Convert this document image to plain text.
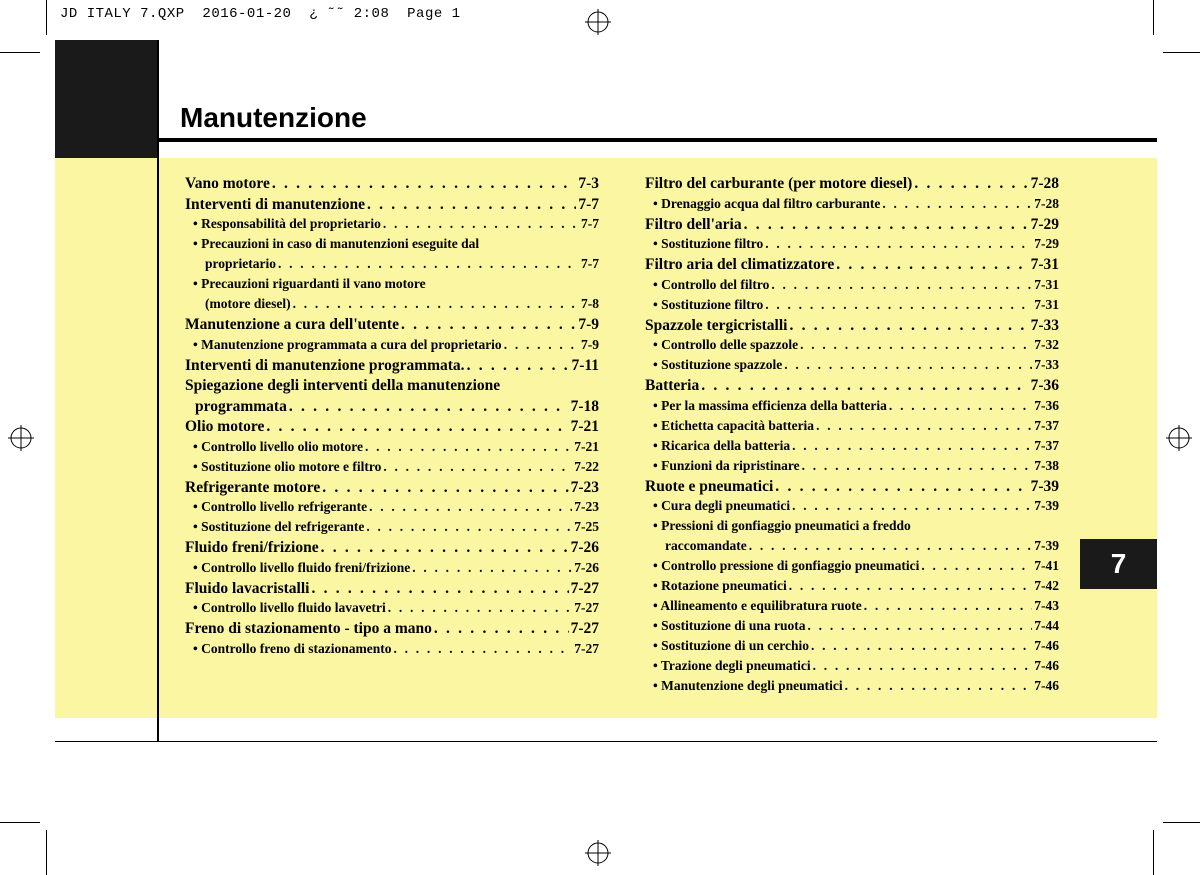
JD ITALY 7.QXP  2016-01-20  ¿ ˜˜ 2:08  Page 1
Manutenzione
7
Vano motore . . .	7-3
Interventi di manutenzione . . .	7-7
• Responsabilità del proprietario . . .	7-7
• Precauzioni in caso di manutenzioni eseguite dal
proprietario . . .	7-7
• Precauzioni riguardanti il vano motore
(motore diesel) . . .	7-8
Manutenzione a cura dell'utente . . .	7-9
• Manutenzione programmata a cura del proprietario . . .	7-9
Interventi di manutenzione programmata. . . .	7-11
Spiegazione degli interventi della manutenzione
programmata . . .	7-18
Olio motore . . .	7-21
• Controllo livello olio motore . . .	7-21
• Sostituzione olio motore e filtro . . .	7-22
Refrigerante motore . . .	7-23
• Controllo livello refrigerante . . .	7-23
• Sostituzione del refrigerante . . .	7-25
Fluido freni/frizione . . .	7-26
• Controllo livello fluido freni/frizione . . .	7-26
Fluido lavacristalli . . .	7-27
• Controllo livello fluido lavavetri . . .	7-27
Freno di stazionamento - tipo a mano . . .	7-27
• Controllo freno di stazionamento . . .	7-27
Filtro del carburante (per motore diesel) . . .	7-28
• Drenaggio acqua dal filtro carburante . . .	7-28
Filtro dell'aria . . .	7-29
• Sostituzione filtro . . .	7-29
Filtro aria del climatizzatore . . .	7-31
• Controllo del filtro . . .	7-31
• Sostituzione filtro . . .	7-31
Spazzole tergicristalli . . .	7-33
• Controllo delle spazzole . . .	7-32
• Sostituzione spazzole . . .	7-33
Batteria . . .	7-36
• Per la massima efficienza della batteria . . .	7-36
• Etichetta capacità batteria . . .	7-37
• Ricarica della batteria . . .	7-37
• Funzioni da ripristinare . . .	7-38
Ruote e pneumatici . . .	7-39
• Cura degli pneumatici . . .	7-39
• Pressioni di gonfiaggio pneumatici a freddo
raccomandate . . .	7-39
• Controllo pressione di gonfiaggio pneumatici . . .	7-41
• Rotazione pneumatici . . .	7-42
• Allineamento e equilibratura ruote . . .	7-43
• Sostituzione di una ruota . . .	7-44
• Sostituzione di un cerchio . . .	7-46
• Trazione degli pneumatici . . .	7-46
• Manutenzione degli pneumatici . . .	7-46
